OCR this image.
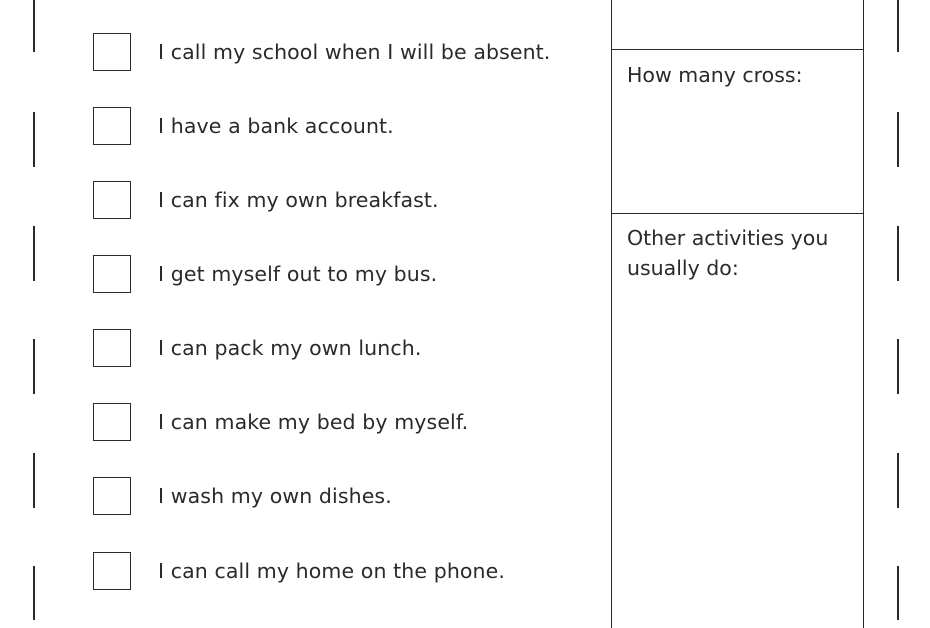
I call my school when I will be absent.
I have a bank account.
I can fix my own breakfast.
I get myself out to my bus.
I can pack my own lunch.
I can make my bed by myself.
I wash my own dishes.
I can call my home on the phone.
How many cross:
Other activities you
usually do:
